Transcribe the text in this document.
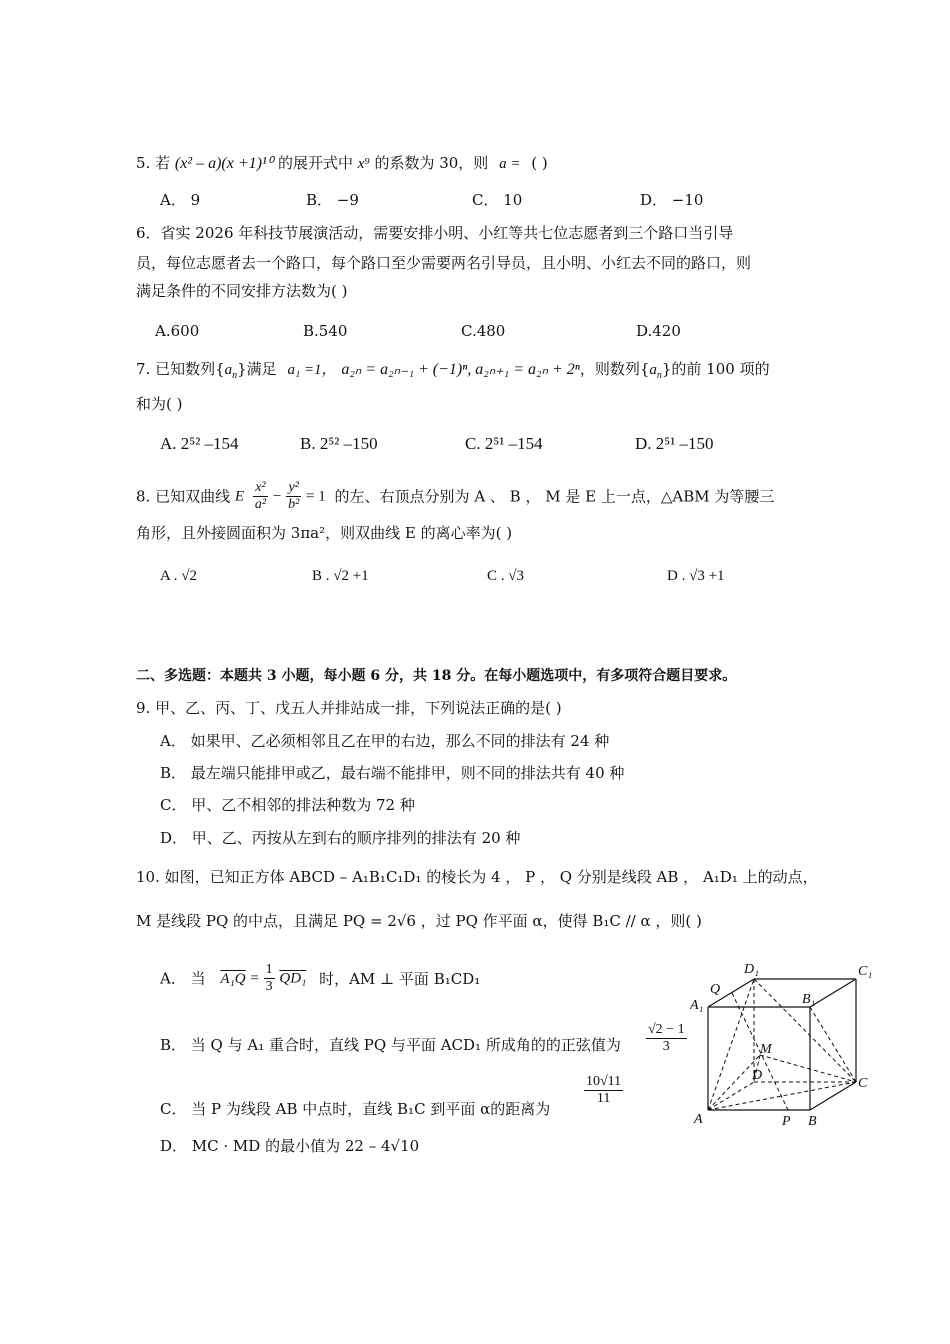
5. 若 (x² – a)(x +1)¹⁰ 的展开式中 x⁹ 的系数为 30，则 a = ( )
A． 9	B． −9	C． 10	D． −10
6．省实 2026 年科技节展演活动，需要安排小明、小红等共七位志愿者到三个路口当引导
员，每位志愿者去一个路口，每个路口至少需要两名引导员，且小明、小红去不同的路口，则
满足条件的不同安排方法数为( )
A.600	B.540	C.480	D.420
7. 已知数列$\{a_n\}$满足 a₁ =1， a₂ₙ = a₂ₙ₋₁ + (−1)ⁿ, a₂ₙ₊₁ = a₂ₙ + 2ⁿ，则数列$\{a_n\}$的前 100 项的
和为( )
A. 2⁵² –154	B. 2⁵² –150	C. 2⁵¹ –154	D. 2⁵¹ –150
8. 已知双曲线 E $\frac{\text{x²}}{\text{a²}} - \frac{\text{y²}}{\text{b²}} = 1$ 的左、右顶点分别为 A 、 B ， M 是 E 上一点，△ABM 为等腰三
角形，且外接圆面积为 3πa²，则双曲线 E 的离心率为( )
A . √2	B . √2 +1	C . √3	D . √3 +1
二、多选题：本题共 3 小题，每小题 6 分，共 18 分。在每小题选项中，有多项符合题目要求。
9. 甲、乙、丙、丁、戊五人并排站成一排，下列说法正确的是( )
A． 如果甲、乙必须相邻且乙在甲的右边，那么不同的排法有 24 种
B． 最左端只能排甲或乙，最右端不能排甲，则不同的排法共有 40 种
C． 甲、乙不相邻的排法种数为 72 种
D． 甲、乙、丙按从左到右的顺序排列的排法有 20 种
10. 如图，已知正方体 ABCD – A₁B₁C₁D₁ 的棱长为 4 ， P ， Q 分别是线段 AB ， A₁D₁ 上的动点，
M 是线段 PQ 的中点，且满足 PQ = 2√6 ，过 PQ 作平面 α，使得 B₁C // α ，则( )
A． 当 $A_1Q = \frac{1}{3} QD_1$ 时，AM ⊥ 平面 B₁CD₁
B． 当 Q 与 A₁ 重合时，直线 PQ 与平面 ACD₁ 所成角的的正弦值为 $\frac{√2 - 1}{3}$
C． 当 P 为线段 AB 中点时，直线 B₁C 到平面 α的距离为
$\frac{10√11}{11}$
D． MC · MD 的最小值为 22 – 4√10
D₁	C₁
A₁	B₁
Q
M
D
C
A	P B
